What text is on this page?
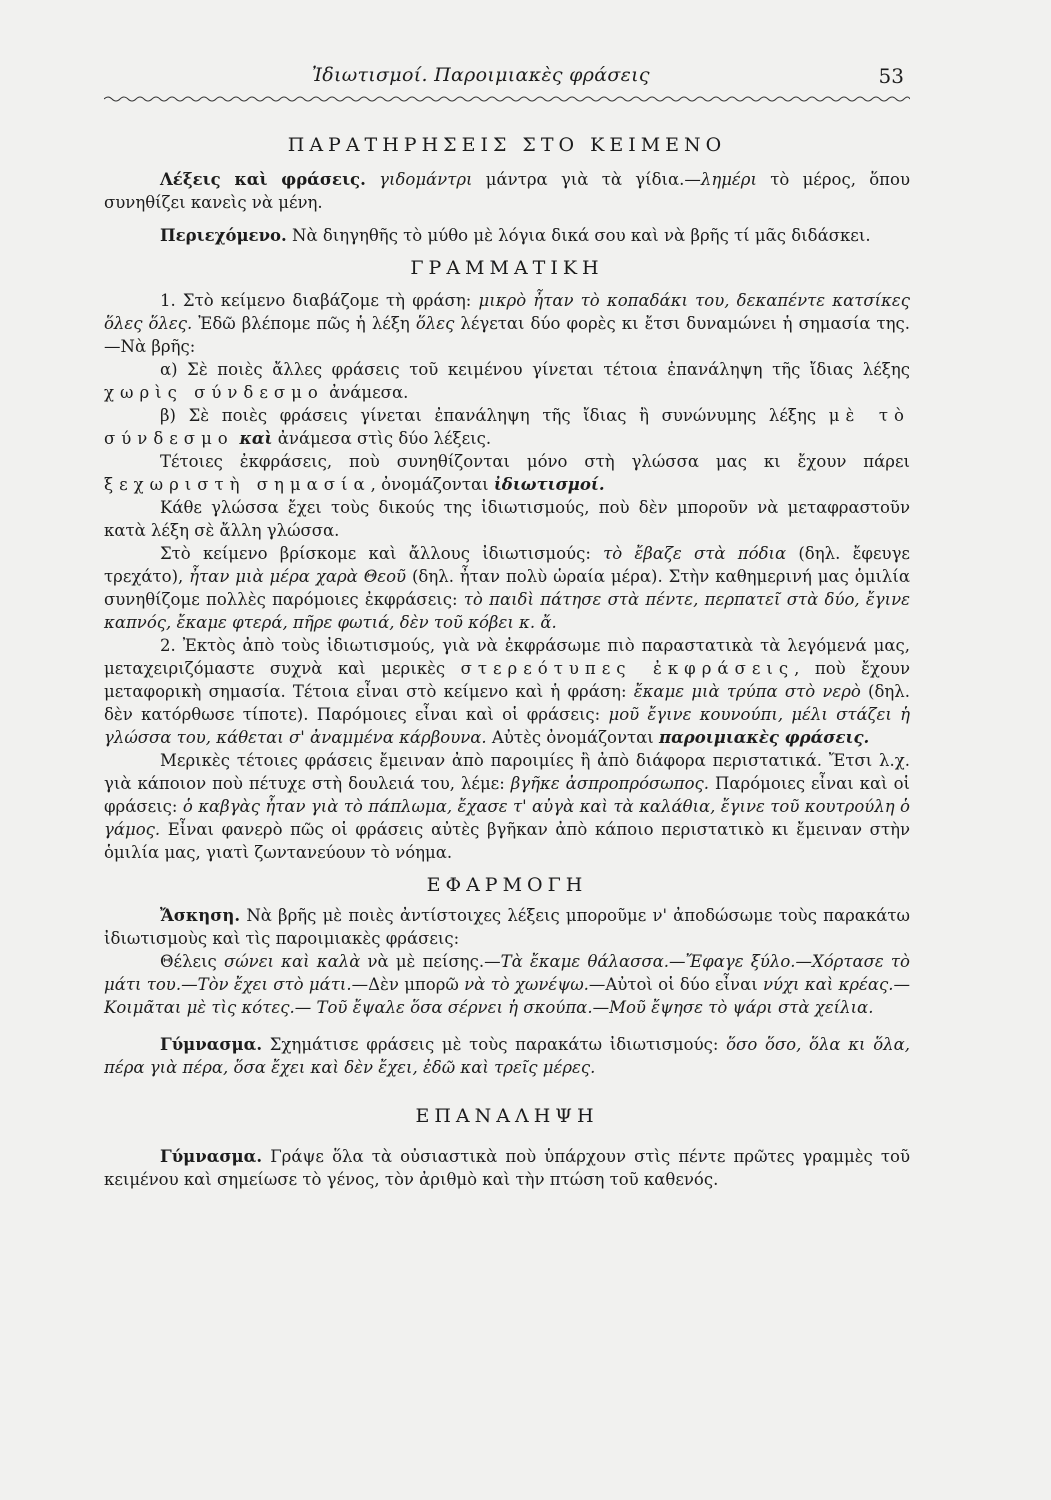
Ἰδιωτισμοί. Παροιμιακὲς φράσεις	53
ΠΑΡΑΤΗΡΗΣΕΙΣ ΣΤΟ ΚΕΙΜΕΝΟ

Λέξεις καὶ φράσεις. γιδομάντρι μάντρα γιὰ τὰ γίδια.—λημέρι τὸ μέρος, ὅπου συνηθίζει κανεὶς νὰ μένη.

Περιεχόμενο. Νὰ διηγηθῆς τὸ μύθο μὲ λόγια δικά σου καὶ νὰ βρῆς τί μᾶς διδάσκει.

ΓΡΑΜΜΑΤΙΚΗ

1. Στὸ κείμενο διαβάζομε τὴ φράση: μικρὸ ἦταν τὸ κοπαδάκι του, δεκαπέντε κατσίκες ὅλες ὅλες. Ἐδῶ βλέπομε πῶς ἡ λέξη ὅλες λέγεται δύο φορὲς κι ἔτσι δυναμώνει ἡ σημασία της.—Νὰ βρῆς:

α) Σὲ ποιὲς ἄλλες φράσεις τοῦ κειμένου γίνεται τέτοια ἐπανάληψη τῆς ἴδιας λέξης χωρὶς σύνδεσμο ἀνάμεσα.

β) Σὲ ποιὲς φράσεις γίνεται ἐπανάληψη τῆς ἴδιας ἢ συνώνυμης λέξης μὲ τὸ σύνδεσμο καὶ ἀνάμεσα στὶς δύο λέξεις.

Τέτοιες ἐκφράσεις, ποὺ συνηθίζονται μόνο στὴ γλώσσα μας κι ἔχουν πάρει ξεχωριστὴ σημασία, ὀνομάζονται ἰδιωτισμοί.

Κάθε γλώσσα ἔχει τοὺς δικούς της ἰδιωτισμούς, ποὺ δὲν μποροῦν νὰ μεταφραστοῦν κατὰ λέξη σὲ ἄλλη γλώσσα.

Στὸ κείμενο βρίσκομε καὶ ἄλλους ἰδιωτισμούς: τὸ ἔβαζε στὰ πόδια (δηλ. ἔφευγε τρεχάτο), ἦταν μιὰ μέρα χαρὰ Θεοῦ (δηλ. ἦταν πολὺ ὡραία μέρα). Στὴν καθημερινή μας ὁμιλία συνηθίζομε πολλὲς παρόμοιες ἐκφράσεις: τὸ παιδὶ πάτησε στὰ πέντε, περπατεῖ στὰ δύο, ἔγινε καπνός, ἔκαμε φτερά, πῆρε φωτιά, δὲν τοῦ κόβει κ. ἄ.

2. Ἐκτὸς ἀπὸ τοὺς ἰδιωτισμούς, γιὰ νὰ ἐκφράσωμε πιὸ παραστατικὰ τὰ λεγόμενά μας, μεταχειριζόμαστε συχνὰ καὶ μερικὲς στερεότυπες ἐκφράσεις, ποὺ ἔχουν μεταφορικὴ σημασία. Τέτοια εἶναι στὸ κείμενο καὶ ἡ φράση: ἔκαμε μιὰ τρύπα στὸ νερὸ (δηλ. δὲν κατόρθωσε τίποτε). Παρόμοιες εἶναι καὶ οἱ φράσεις: μοῦ ἔγινε κουνούπι, μέλι στάζει ἡ γλώσσα του, κάθεται σ' ἀναμμένα κάρβουνα. Αὐτὲς ὀνομάζονται παροιμιακὲς φράσεις.

Μερικὲς τέτοιες φράσεις ἔμειναν ἀπὸ παροιμίες ἢ ἀπὸ διάφορα περιστατικά. Ἔτσι λ.χ. γιὰ κάποιον ποὺ πέτυχε στὴ δουλειά του, λέμε: βγῆκε ἀσπροπρόσωπος. Παρόμοιες εἶναι καὶ οἱ φράσεις: ὁ καβγὰς ἦταν γιὰ τὸ πάπλωμα, ἔχασε τ' αὐγὰ καὶ τὰ καλάθια, ἔγινε τοῦ κουτρούλη ὁ γάμος. Εἶναι φανερὸ πῶς οἱ φράσεις αὐτὲς βγῆκαν ἀπὸ κάποιο περιστατικὸ κι ἔμειναν στὴν ὁμιλία μας, γιατὶ ζωντανεύουν τὸ νόημα.

ΕΦΑΡΜΟΓΗ

Ἄσκηση. Νὰ βρῆς μὲ ποιὲς ἀντίστοιχες λέξεις μποροῦμε ν' ἀποδώσωμε τοὺς παρακάτω ἰδιωτισμοὺς καὶ τὶς παροιμιακὲς φράσεις:

Θέλεις σώνει καὶ καλὰ νὰ μὲ πείσης.—Τὰ ἔκαμε θάλασσα.—Ἔφαγε ξύλο.—Χόρτασε τὸ μάτι του.—Τὸν ἔχει στὸ μάτι.—Δὲν μπορῶ νὰ τὸ χωνέψω.—Αὐτοὶ οἱ δύο εἶναι νύχι καὶ κρέας.— Κοιμᾶται μὲ τὶς κότες.— Τοῦ ἔψαλε ὅσα σέρνει ἡ σκούπα.—Μοῦ ἔψησε τὸ ψάρι στὰ χείλια.

Γύμνασμα. Σχημάτισε φράσεις μὲ τοὺς παρακάτω ἰδιωτισμούς: ὅσο ὅσο, ὅλα κι ὅλα, πέρα γιὰ πέρα, ὅσα ἔχει καὶ δὲν ἔχει, ἐδῶ καὶ τρεῖς μέρες.

ΕΠΑΝΑΛΗΨΗ

Γύμνασμα. Γράψε ὅλα τὰ οὐσιαστικὰ ποὺ ὑπάρχουν στὶς πέντε πρῶτες γραμμὲς τοῦ κειμένου καὶ σημείωσε τὸ γένος, τὸν ἀριθμὸ καὶ τὴν πτώση τοῦ καθενός.
